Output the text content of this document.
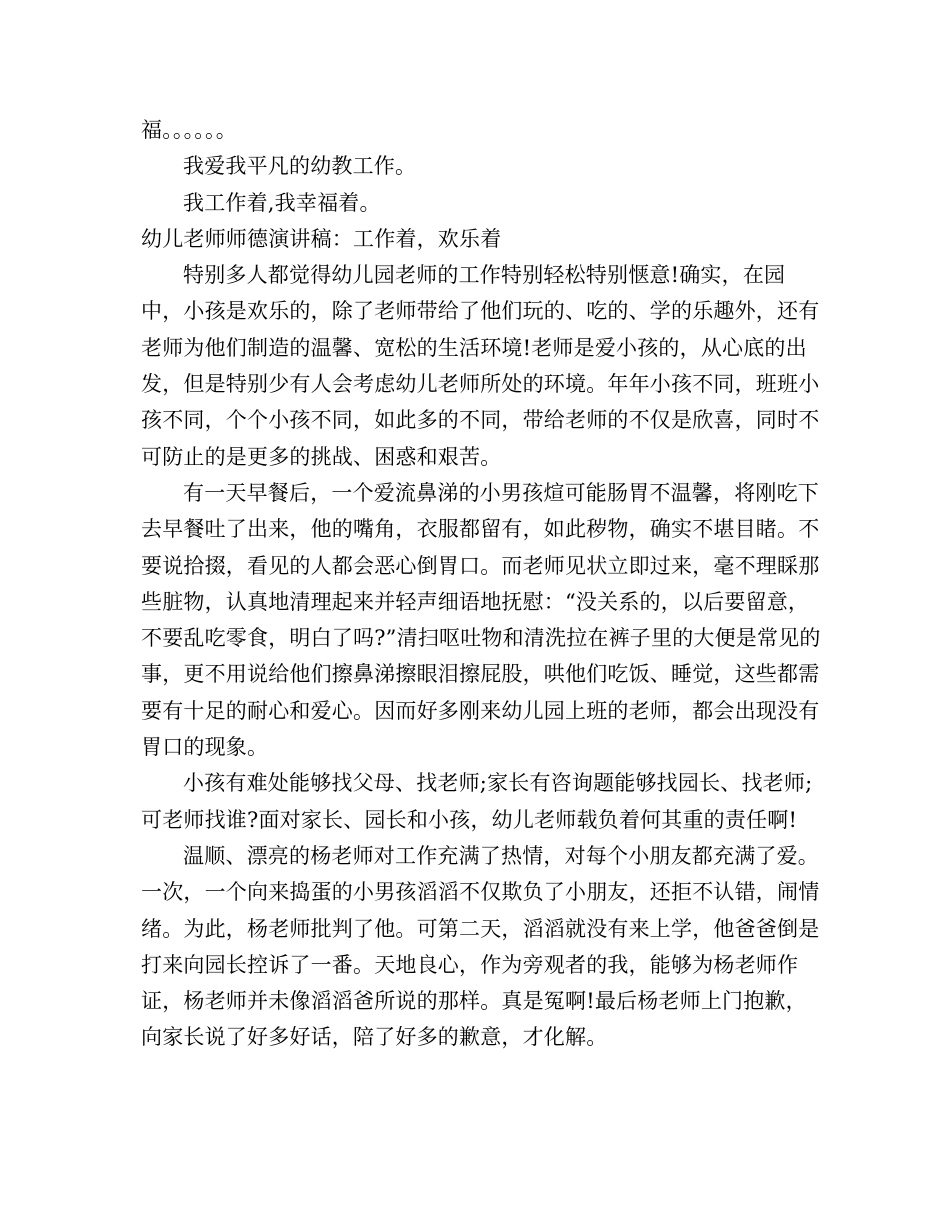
福。。。。。。

我爱我平凡的幼教工作。

我工作着,我幸福着。

幼儿老师师德演讲稿：工作着，欢乐着

特别多人都觉得幼儿园老师的工作特别轻松特别惬意!确实，在园中，小孩是欢乐的，除了老师带给了他们玩的、吃的、学的乐趣外，还有老师为他们制造的温馨、宽松的生活环境!老师是爱小孩的，从心底的出发，但是特别少有人会考虑幼儿老师所处的环境。年年小孩不同，班班小孩不同，个个小孩不同，如此多的不同，带给老师的不仅是欣喜，同时不可防止的是更多的挑战、困惑和艰苦。

有一天早餐后，一个爱流鼻涕的小男孩煊可能肠胃不温馨，将刚吃下去早餐吐了出来，他的嘴角，衣服都留有，如此秽物，确实不堪目睹。不要说拾掇，看见的人都会恶心倒胃口。而老师见状立即过来，毫不理睬那些脏物，认真地清理起来并轻声细语地抚慰：“没关系的，以后要留意，不要乱吃零食，明白了吗?”清扫呕吐物和清洗拉在裤子里的大便是常见的事，更不用说给他们擦鼻涕擦眼泪擦屁股，哄他们吃饭、睡觉，这些都需要有十足的耐心和爱心。因而好多刚来幼儿园上班的老师，都会出现没有胃口的现象。

小孩有难处能够找父母、找老师;家长有咨询题能够找园长、找老师;可老师找谁?面对家长、园长和小孩，幼儿老师载负着何其重的责任啊!

温顺、漂亮的杨老师对工作充满了热情，对每个小朋友都充满了爱。一次，一个向来捣蛋的小男孩滔滔不仅欺负了小朋友，还拒不认错，闹情绪。为此，杨老师批判了他。可第二天，滔滔就没有来上学，他爸爸倒是打来向园长控诉了一番。天地良心，作为旁观者的我，能够为杨老师作证，杨老师并未像滔滔爸所说的那样。真是冤啊!最后杨老师上门抱歉，向家长说了好多好话，陪了好多的歉意，才化解。
